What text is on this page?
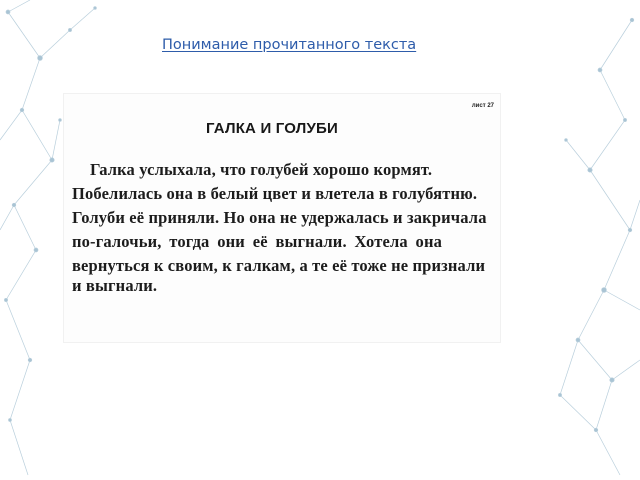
Понимание прочитанного текста
лист 27
ГАЛКА И ГОЛУБИ

Галка услыхала, что голубей хорошо кормят.

Побелилась она в белый цвет и влетела в голубятню.

Голуби её приняли. Но она не удержалась и закричала

по-галочьи, тогда они её выгнали. Хотела она

вернуться к своим, к галкам, а те её тоже не признали

и выгнали.
